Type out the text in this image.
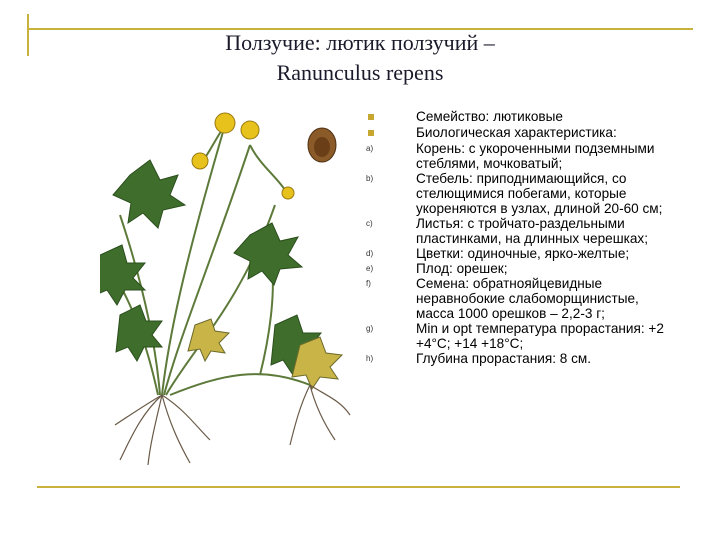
Ползучие: лютик ползучий –
Ranunculus repens
Семейство: лютиковые
Биологическая характеристика:
a)	Корень: с укороченными подземными стеблями, мочковатый;
b)	Стебель: приподнимающийся, со стелющимися побегами, которые укореняются в узлах, длиной 20-60 см;
c)	Листья: с тройчато-раздельными пластинками, на длинных черешках;
d)	Цветки: одиночные, ярко-желтые;
e)	Плод: орешек;
f)	Семена: обратнояйцевидные неравнобокие слабоморщинистые, масса 1000 орешков – 2,2-3 г;
g)	Min и opt температура прорастания: +2 +4°С; +14 +18°С;
h)	Глубина прорастания: 8 см.
